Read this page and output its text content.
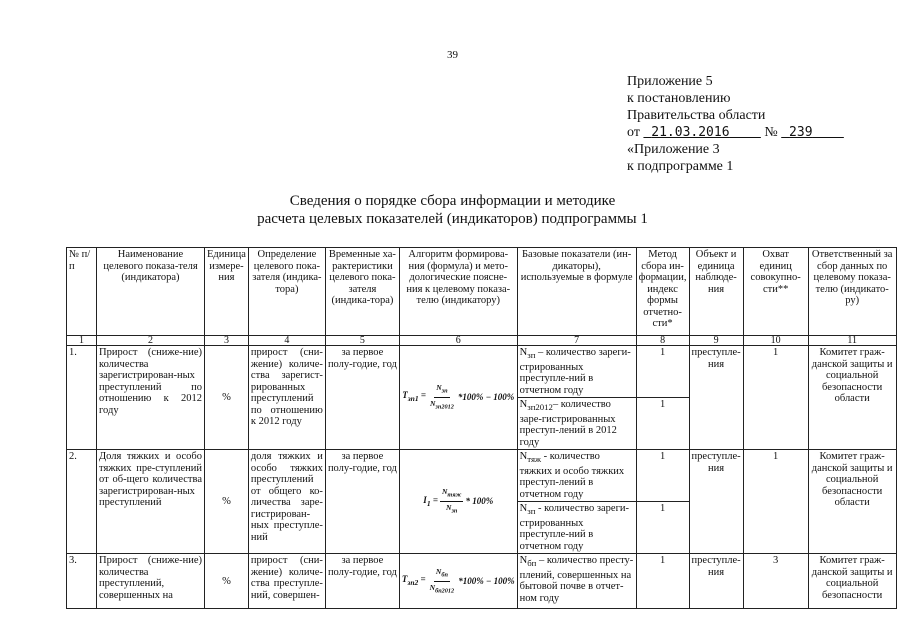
39
Приложение 5
к постановлению
Правительства области
от 21.03.2016 № 239
«Приложение 3
к подпрограмме 1
Сведения о порядке сбора информации и методике
расчета целевых показателей (индикаторов) подпрограммы 1
№ п/п	Наименование целевого показа-теля (индикатора)	Единица измере-ния	Определение целевого пока-зателя (индика-тора)	Временные ха-рактеристики целевого пока-зателя (индика-тора)	Алгоритм формирова-ния (формула) и мето-дологические поясне-ния к целевому показа-телю (индикатору)	Базовые показатели (ин-дикаторы), используемые в формуле	Метод сбора ин-формации, индекс формы отчетно-сти*	Объект и единица наблюде-ния	Охват единиц совокупно-сти**	Ответственный за сбор данных по целевому показа-телю (индикато-ру)
1	2	3	4	5	6	7	8	9	10	11
1.	Прирост (сниже-ние) количества зарегистрирован-ных преступлений по отношению к 2012 году	%	прирост (сни-жение) количе-ства зарегист-рированных преступлений по отношению к 2012 году	за первое полу-годие, год	$T_{зп1} = \frac{N_{зп}}{N_{зп2012}} *100\% - 100\%$	$N_{зп}$ – количество зареги-стрированных преступле-ний в отчетном году	1	преступле-ния	1	Комитет граж-данской защиты и социальной безопасности области
						$N_{зп2012}-$ количество заре-гистрированных преступ-лений в 2012 году	1			
2.	Доля тяжких и особо тяжких пре-ступлений от об-щего количества зарегистрирован-ных преступлений	%	доля тяжких и особо тяжких преступлений от общего ко-личества заре-гистрирован-ных преступле-ний	за первое полу-годие, год	$I_1 = \frac{N_{тяж}}{N_{зп}} * 100\%$	$N_{тяж}$ - количество тяжких и особо тяжких преступ-лений в отчетном году	1	преступле-ния	1	Комитет граж-данской защиты и социальной безопасности области
						$N_{зп}$ - количество зареги-стрированных преступле-ний в отчетном году	1			
3.	Прирост (сниже-ние) количества преступлений, совершенных на	%	прирост (сни-жение) количе-ства преступле-ний, совершен-	за первое полу-годие, год	$T_{зп2} = \frac{N_{бп}}{N_{бп2012}} *100\% - 100\%$	$N_{бп}$ – количество престу-плений, совершенных на бытовой почве в отчет-ном году	1	преступле-ния	3	Комитет граж-данской защиты и социальной безопасности
